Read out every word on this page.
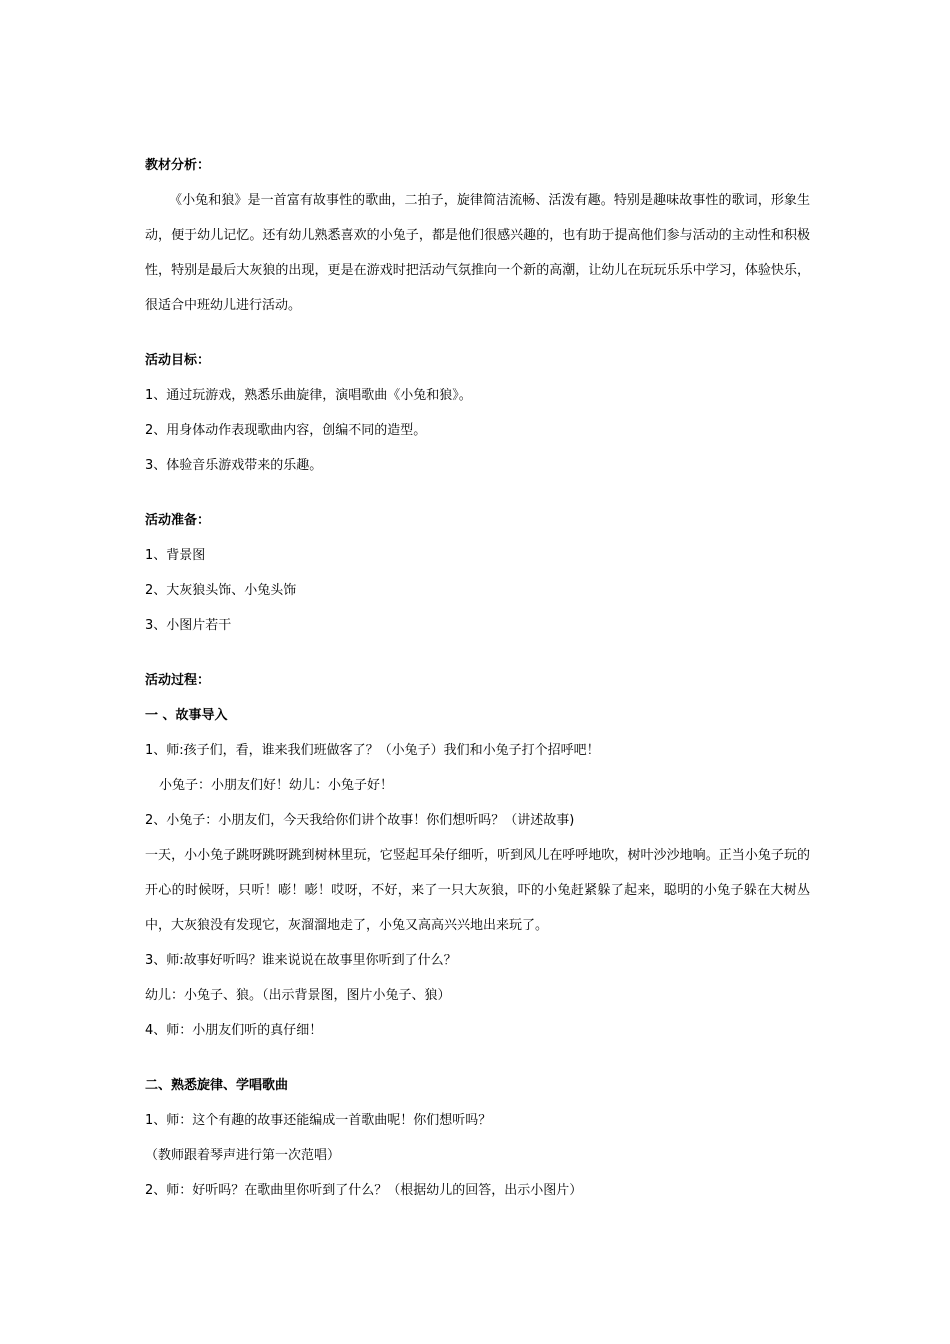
教材分析：

《小兔和狼》是一首富有故事性的歌曲，二拍子，旋律简洁流畅、活泼有趣。特别是趣味故事性的歌词，形象生动，便于幼儿记忆。还有幼儿熟悉喜欢的小兔子，都是他们很感兴趣的，也有助于提高他们参与活动的主动性和积极性，特别是最后大灰狼的出现，更是在游戏时把活动气氛推向一个新的高潮，让幼儿在玩玩乐乐中学习，体验快乐，很适合中班幼儿进行活动。

活动目标：

1、通过玩游戏，熟悉乐曲旋律，演唱歌曲《小兔和狼》。

2、用身体动作表现歌曲内容，创编不同的造型。

3、体验音乐游戏带来的乐趣。

活动准备：

1、背景图

2、大灰狼头饰、小兔头饰

3、小图片若干

活动过程：

一 、故事导入

1、师:孩子们，看，谁来我们班做客了？（小兔子）我们和小兔子打个招呼吧！

小兔子：小朋友们好！幼儿：小兔子好！

2、小兔子：小朋友们，今天我给你们讲个故事！你们想听吗？（讲述故事)

一天，小小兔子跳呀跳呀跳到树林里玩，它竖起耳朵仔细听，听到风儿在呼呼地吹，树叶沙沙地响。正当小兔子玩的开心的时候呀，只听！嘭！嘭！哎呀，不好，来了一只大灰狼，吓的小兔赶紧躲了起来，聪明的小兔子躲在大树丛中，大灰狼没有发现它，灰溜溜地走了，小兔又高高兴兴地出来玩了。

3、师:故事好听吗？谁来说说在故事里你听到了什么？

幼儿：小兔子、狼。（出示背景图，图片小兔子、狼）

4、师：小朋友们听的真仔细！

二、熟悉旋律、学唱歌曲

1、师：这个有趣的故事还能编成一首歌曲呢！你们想听吗？

（教师跟着琴声进行第一次范唱）

2、师：好听吗？在歌曲里你听到了什么？（根据幼儿的回答，出示小图片）
